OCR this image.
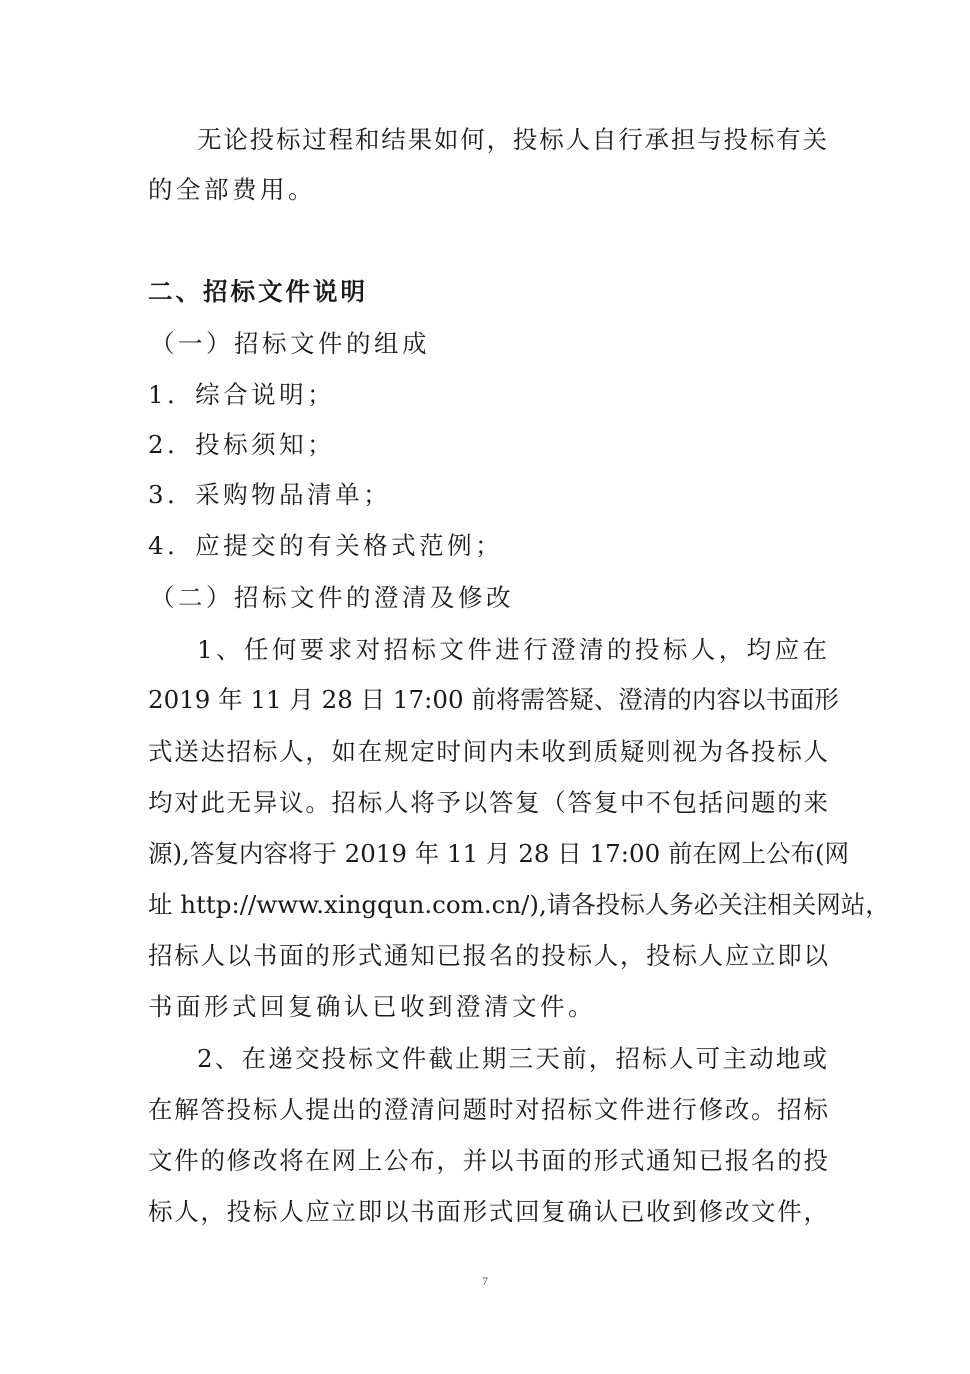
无论投标过程和结果如何，投标人自行承担与投标有关
的全部费用。
二、招标文件说明
（一）招标文件的组成
1．综合说明；
2．投标须知；
3．采购物品清单；
4．应提交的有关格式范例；
（二）招标文件的澄清及修改
1、任何要求对招标文件进行澄清的投标人，均应在
2019 年 11 月 28 日 17:00 前将需答疑、澄清的内容以书面形
式送达招标人，如在规定时间内未收到质疑则视为各投标人
均对此无异议。招标人将予以答复（答复中不包括问题的来
源),答复内容将于 2019 年 11 月 28 日 17:00 前在网上公布(网
址 http://www.xingqun.com.cn/),请各投标人务必关注相关网站，
招标人以书面的形式通知已报名的投标人，投标人应立即以
书面形式回复确认已收到澄清文件。
2、在递交投标文件截止期三天前，招标人可主动地或
在解答投标人提出的澄清问题时对招标文件进行修改。招标
文件的修改将在网上公布，并以书面的形式通知已报名的投
标人，投标人应立即以书面形式回复确认已收到修改文件，
7
